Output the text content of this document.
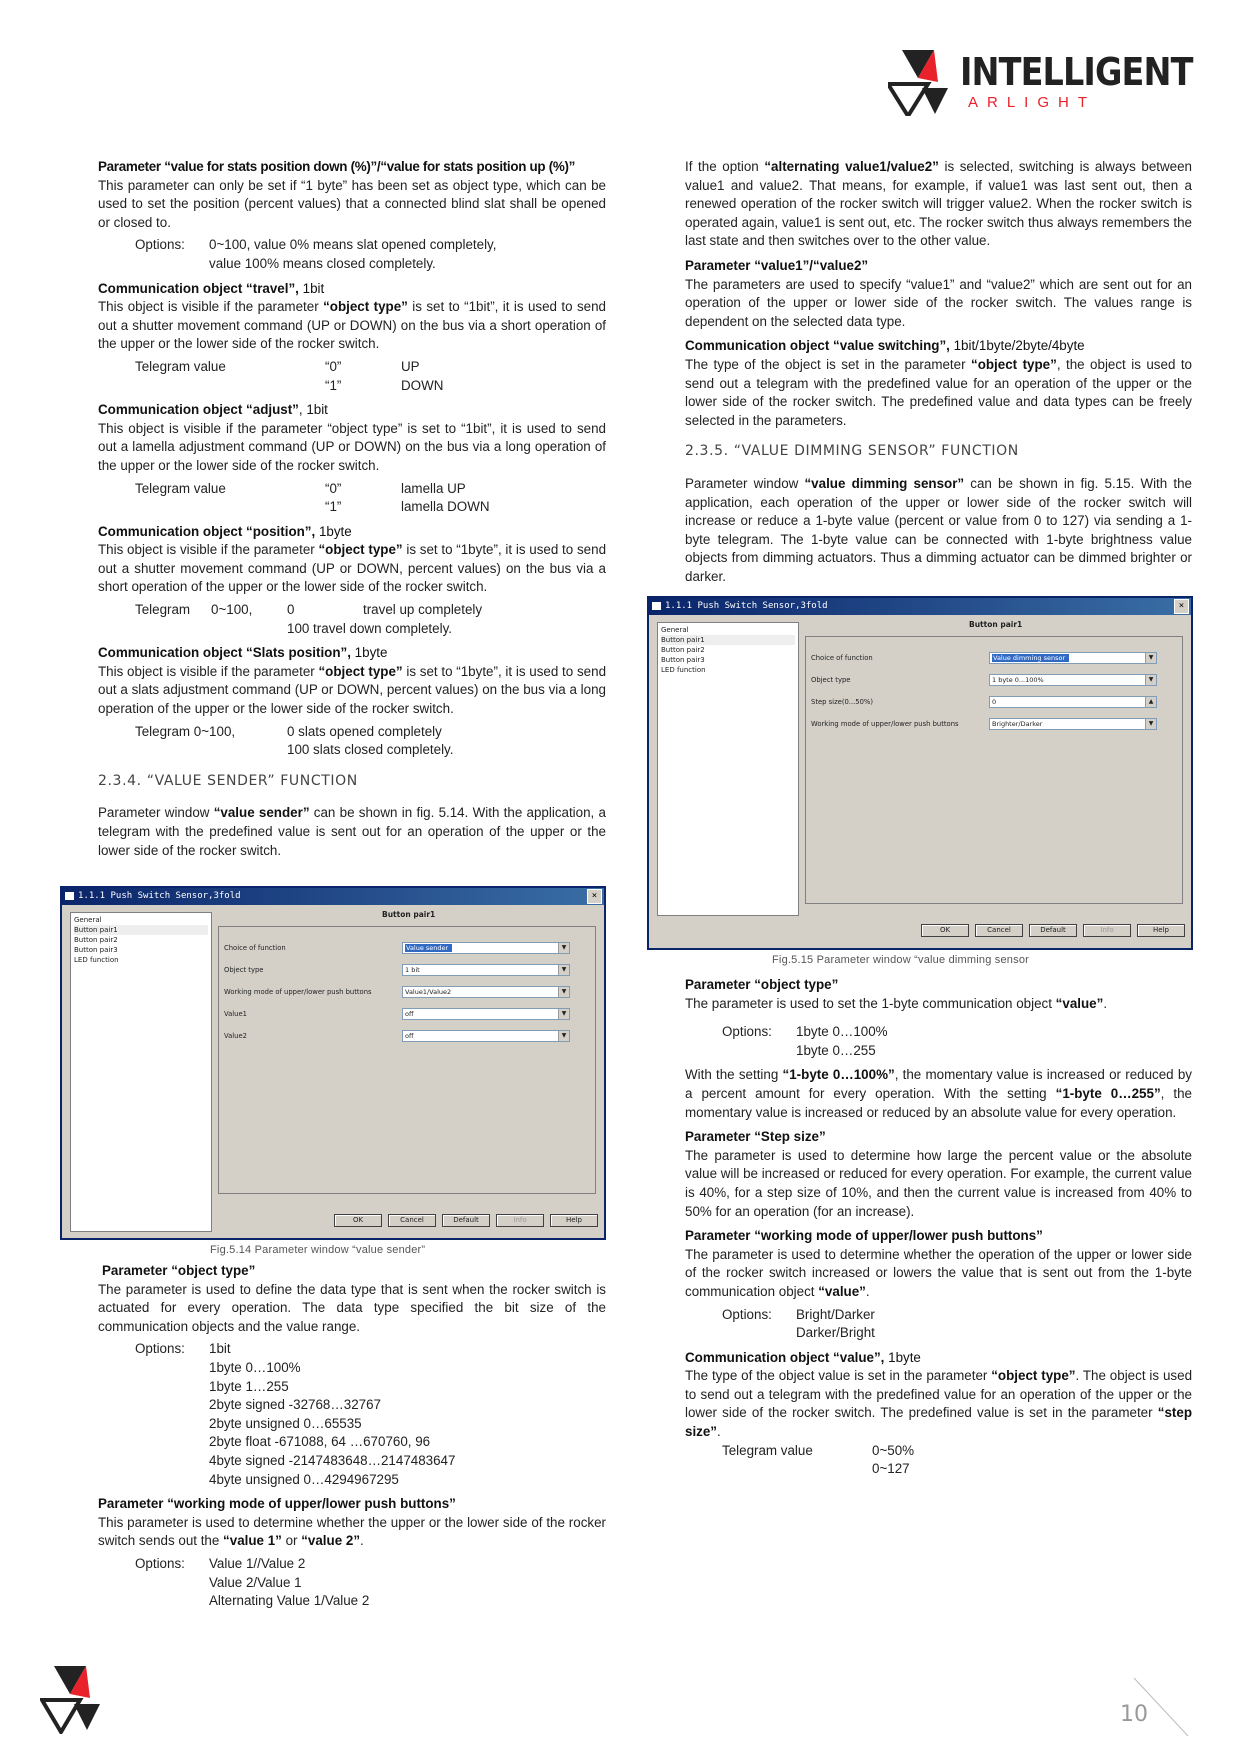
INTELLIGENT
ARLIGHT

Parameter “value for stats position down (%)”/“value for stats position up (%)”

This parameter can only be set if “1 byte” has been set as object type, which can be used to set the position (percent values) that a connected blind slat shall be opened or closed to.

Options:	0~100, value 0% means slat opened completely,
value 100% means closed completely.

Communication object “travel”, 1bit

This object is visible if the parameter “object type” is set to “1bit”, it is used to send out a shutter movement command (UP or DOWN) on the bus via a short operation of the upper or the lower side of the rocker switch.

Telegram value	“0”	UP
“1”	DOWN

Communication object “adjust”, 1bit

This object is visible if the parameter “object type” is set to “1bit”, it is used to send out a lamella adjustment command (UP or DOWN) on the bus via a long operation of the upper or the lower side of the rocker switch.

Telegram value	“0”	lamella UP
“1”	lamella DOWN

Communication object “position”, 1byte

This object is visible if the parameter “object type” is set to “1byte”, it is used to send out a shutter movement command (UP or DOWN, percent values) on the bus via a short operation of the upper or the lower side of the rocker switch.

Telegram	0~100,	0	travel up completely
100 travel down completely.

Communication object “Slats position”, 1byte

This object is visible if the parameter “object type” is set to “1byte”, it is used to send out a slats adjustment command (UP or DOWN, percent values) on the bus via a long operation of the upper or the lower side of the rocker switch.

Telegram 0~100,	0 slats opened completely
100 slats closed completely.

2.3.4. “VALUE SENDER” FUNCTION

Parameter window “value sender” can be shown in fig. 5.14. With the application, a telegram with the predefined value is sent out for an operation of the upper or the lower side of the rocker switch.

1.1.1 Push Switch Sensor,3fold	×
General
Button pair1
Button pair2
Button pair3
LED function
Button pair1
Choice of function	Value sender	▼
Object type	1 bit	▼
Working mode of upper/lower push buttons	Value1/Value2	▼
Value1	off	▼
Value2	off	▼
OK	Cancel	Default	Info	Help
Fig.5.14 Parameter window “value sender”

Parameter “object type”

The parameter is used to define the data type that is sent when the rocker switch is actuated for every operation. The data type specified the bit size of the communication objects and the value range.

Options:	1bit
1byte 0…100%
1byte 1…255
2byte signed -32768…32767
2byte unsigned 0…65535
2byte float -671088, 64 …670760, 96
4byte signed -2147483648…2147483647
4byte unsigned 0…4294967295

Parameter “working mode of upper/lower push buttons”

This parameter is used to determine whether the upper or the lower side of the rocker switch sends out the “value 1” or “value 2”.

Options:	Value 1//Value 2
Value 2/Value 1
Alternating Value 1/Value 2

If the option “alternating value1/value2” is selected, switching is always between value1 and value2. That means, for example, if value1 was last sent out, then a renewed operation of the rocker switch will trigger value2. When the rocker switch is operated again, value1 is sent out, etc. The rocker switch thus always remembers the last state and then switches over to the other value.

Parameter “value1”/“value2”

The parameters are used to specify “value1” and “value2” which are sent out for an operation of the upper or lower side of the rocker switch. The values range is dependent on the selected data type.

Communication object “value switching”, 1bit/1byte/2byte/4byte

The type of the object is set in the parameter “object type”, the object is used to send out a telegram with the predefined value for an operation of the upper or the lower side of the rocker switch. The predefined value and data types can be freely selected in the parameters.

2.3.5. “VALUE DIMMING SENSOR” FUNCTION

Parameter window “value dimming sensor” can be shown in fig. 5.15. With the application, each operation of the upper or lower side of the rocker switch will increase or reduce a 1-byte value (percent or value from 0 to 127) via sending a 1-byte telegram. The 1-byte value can be connected with 1-byte brightness value objects from dimming actuators. Thus a dimming actuator can be dimmed brighter or darker.

1.1.1 Push Switch Sensor,3fold	×
General
Button pair1
Button pair2
Button pair3
LED function
Button pair1
Choice of function	Value dimming sensor	▼
Object type	1 byte 0...100%	▼
Step size(0...50%)	0	▲
Working mode of upper/lower push buttons	Brighter/Darker	▼
OK	Cancel	Default	Info	Help
Fig.5.15 Parameter window “value dimming sensor

Parameter “object type”

The parameter is used to set the 1-byte communication object “value”.

Options:	1byte 0…100%
1byte 0…255

With the setting “1-byte 0…100%”, the momentary value is increased or reduced by a percent amount for every operation. With the setting “1-byte 0…255”, the momentary value is increased or reduced by an absolute value for every operation.

Parameter “Step size”

The parameter is used to determine how large the percent value or the absolute value will be increased or reduced for every operation. For example, the current value is 40%, for a step size of 10%, and then the current value is increased from 40% to 50% for an operation (for an increase).

Parameter “working mode of upper/lower push buttons”

The parameter is used to determine whether the operation of the upper or lower side of the rocker switch increased or lowers the value that is sent out from the 1-byte communication object “value”.

Options:	Bright/Darker
Darker/Bright

Communication object “value”, 1byte

The type of the object value is set in the parameter “object type”. The object is used to send out a telegram with the predefined value for an operation of the upper or the lower side of the rocker switch. The predefined value is set in the parameter “step size”.

Telegram value	0~50%
0~127
10
